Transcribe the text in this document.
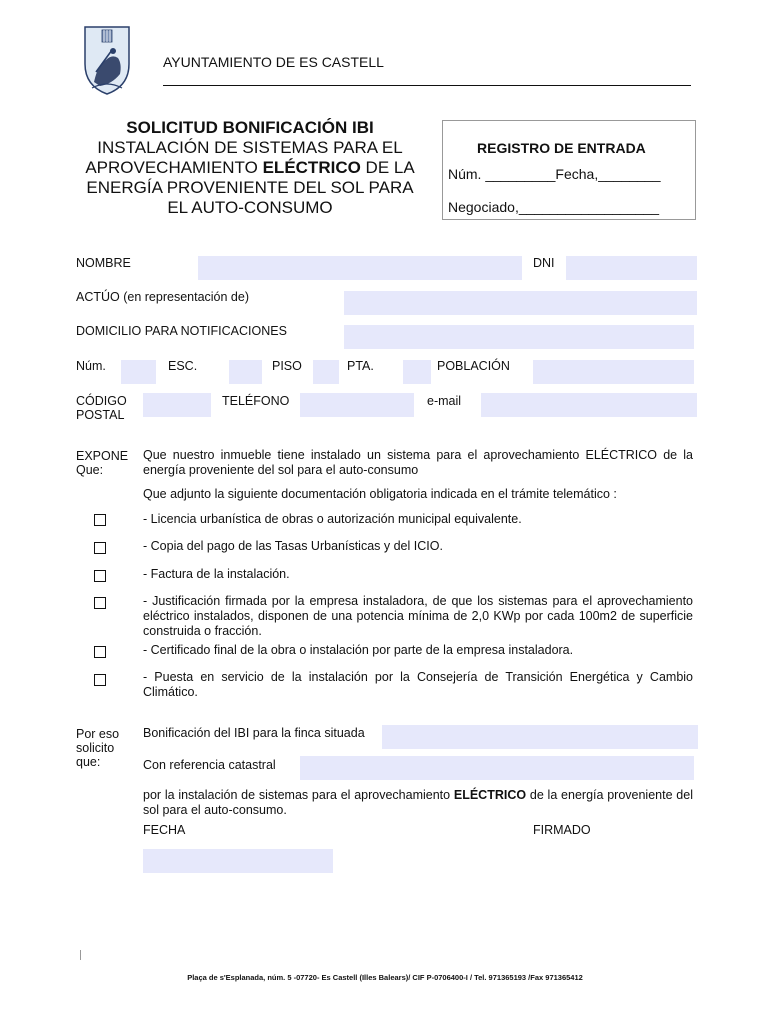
AYUNTAMIENTO DE ES CASTELL
SOLICITUD BONIFICACIÓN IBI
INSTALACIÓN DE SISTEMAS PARA EL
APROVECHAMIENTO ELÉCTRICO DE LA
ENERGÍA PROVENIENTE DEL SOL PARA
EL AUTO-CONSUMO
REGISTRO DE ENTRADA
Núm. _________Fecha,________
Negociado,__________________
NOMBRE	DNI
ACTÚO (en representación de)
DOMICILIO PARA NOTIFICACIONES
Núm.	ESC.	PISO	PTA.	POBLACIÓN
CÓDIGO
POSTAL
TELÉFONO	e-mail
EXPONE
Que:
Que nuestro inmueble tiene instalado un sistema para el aprovechamiento ELÉCTRICO de la energía proveniente del sol para el auto-consumo
Que adjunto la siguiente documentación obligatoria indicada en el trámite telemático :
- Licencia urbanística de obras o autorización municipal equivalente.
- Copia del pago de las Tasas Urbanísticas y del ICIO.
- Factura de la instalación.
- Justificación firmada por la empresa instaladora, de que los sistemas para el aprovechamiento eléctrico instalados, disponen de una potencia mínima de 2,0 KWp por cada 100m2 de superficie construida o fracción.
- Certificado final de la obra o instalación por parte de la empresa instaladora.
- Puesta en servicio de la instalación por la Consejería de Transición Energética y Cambio Climático.
Por eso
solicito
que:
Bonificación del IBI para la finca situada
Con referencia catastral
por la instalación de sistemas para el aprovechamiento ELÉCTRICO de la energía proveniente del sol para el auto-consumo.
FECHA	FIRMADO
Plaça de s'Esplanada, núm. 5 -07720- Es Castell (Illes Balears)/ CIF P-0706400-I / Tel. 971365193 /Fax 971365412
